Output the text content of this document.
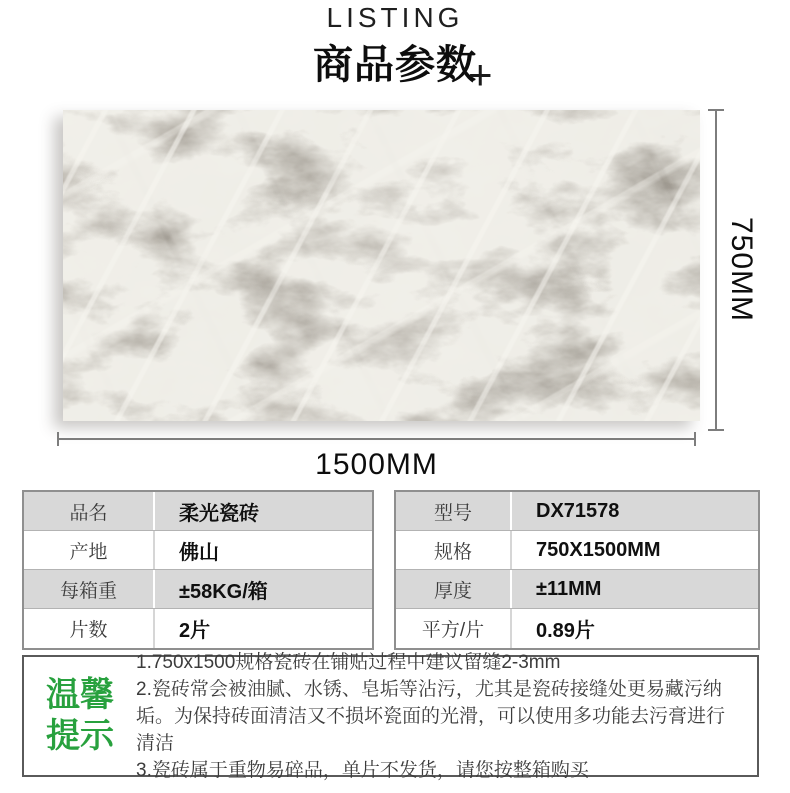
LISTING
商品参数
+
750MM
1500MM
品名	柔光瓷砖
产地	佛山
每箱重	±58KG/箱
片数	2片
型号	DX71578
规格	750X1500MM
厚度	±11MM
平方/片	0.89片
温馨
提示
1.750x1500规格瓷砖在铺贴过程中建议留缝2-3mm
2.瓷砖常会被油腻、水锈、皂垢等沾污，尤其是瓷砖接缝处更易藏污纳垢。为保持砖面清洁又不损坏瓷面的光滑，可以使用多功能去污膏进行清洁
3.瓷砖属于重物易碎品，单片不发货，请您按整箱购买
